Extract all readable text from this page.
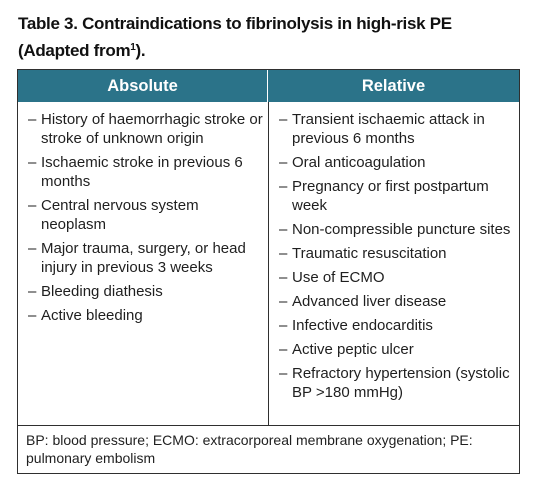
Table 3. Contraindications to fibrinolysis in high-risk PE (Adapted from$^1$).
Absolute	Relative
– History of haemorrhagic stroke or stroke of unknown origin
– Ischaemic stroke in previous 6 months
– Central nervous system neoplasm
– Major trauma, surgery, or head injury in previous 3 weeks
– Bleeding diathesis
– Active bleeding
– Transient ischaemic attack in previous 6 months
– Oral anticoagulation
– Pregnancy or first postpartum week
– Non-compressible puncture sites
– Traumatic resuscitation
– Use of ECMO
– Advanced liver disease
– Infective endocarditis
– Active peptic ulcer
– Refractory hypertension (systolic BP >180 mmHg)
BP: blood pressure; ECMO: extracorporeal membrane oxygenation; PE: pulmonary embolism
